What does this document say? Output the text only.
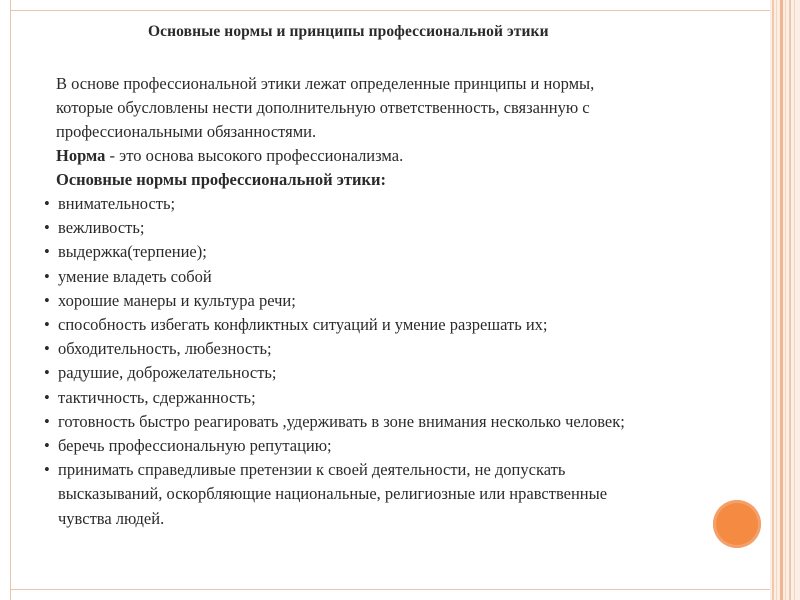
Основные нормы и принципы профессиональной этики

В основе профессиональной этики лежат определенные принципы и нормы,

которые обусловлены нести дополнительную ответственность, связанную с

профессиональными обязанностями.

Норма - это основа высокого профессионализма.
Основные нормы профессиональной этики:
• внимательность;
• вежливость;
• выдержка(терпение);
• умение владеть собой
• хорошие манеры и культура речи;
• способность избегать конфликтных ситуаций и умение разрешать их;
• обходительность, любезность;
• радушие, доброжелательность;
• тактичность, сдержанность;
• готовность быстро реагировать ,удерживать в зоне внимания несколько человек;
• беречь профессиональную репутацию;
• принимать справедливые претензии к своей деятельности, не допускать
высказываний, оскорбляющие национальные, религиозные или нравственные
чувства людей.
